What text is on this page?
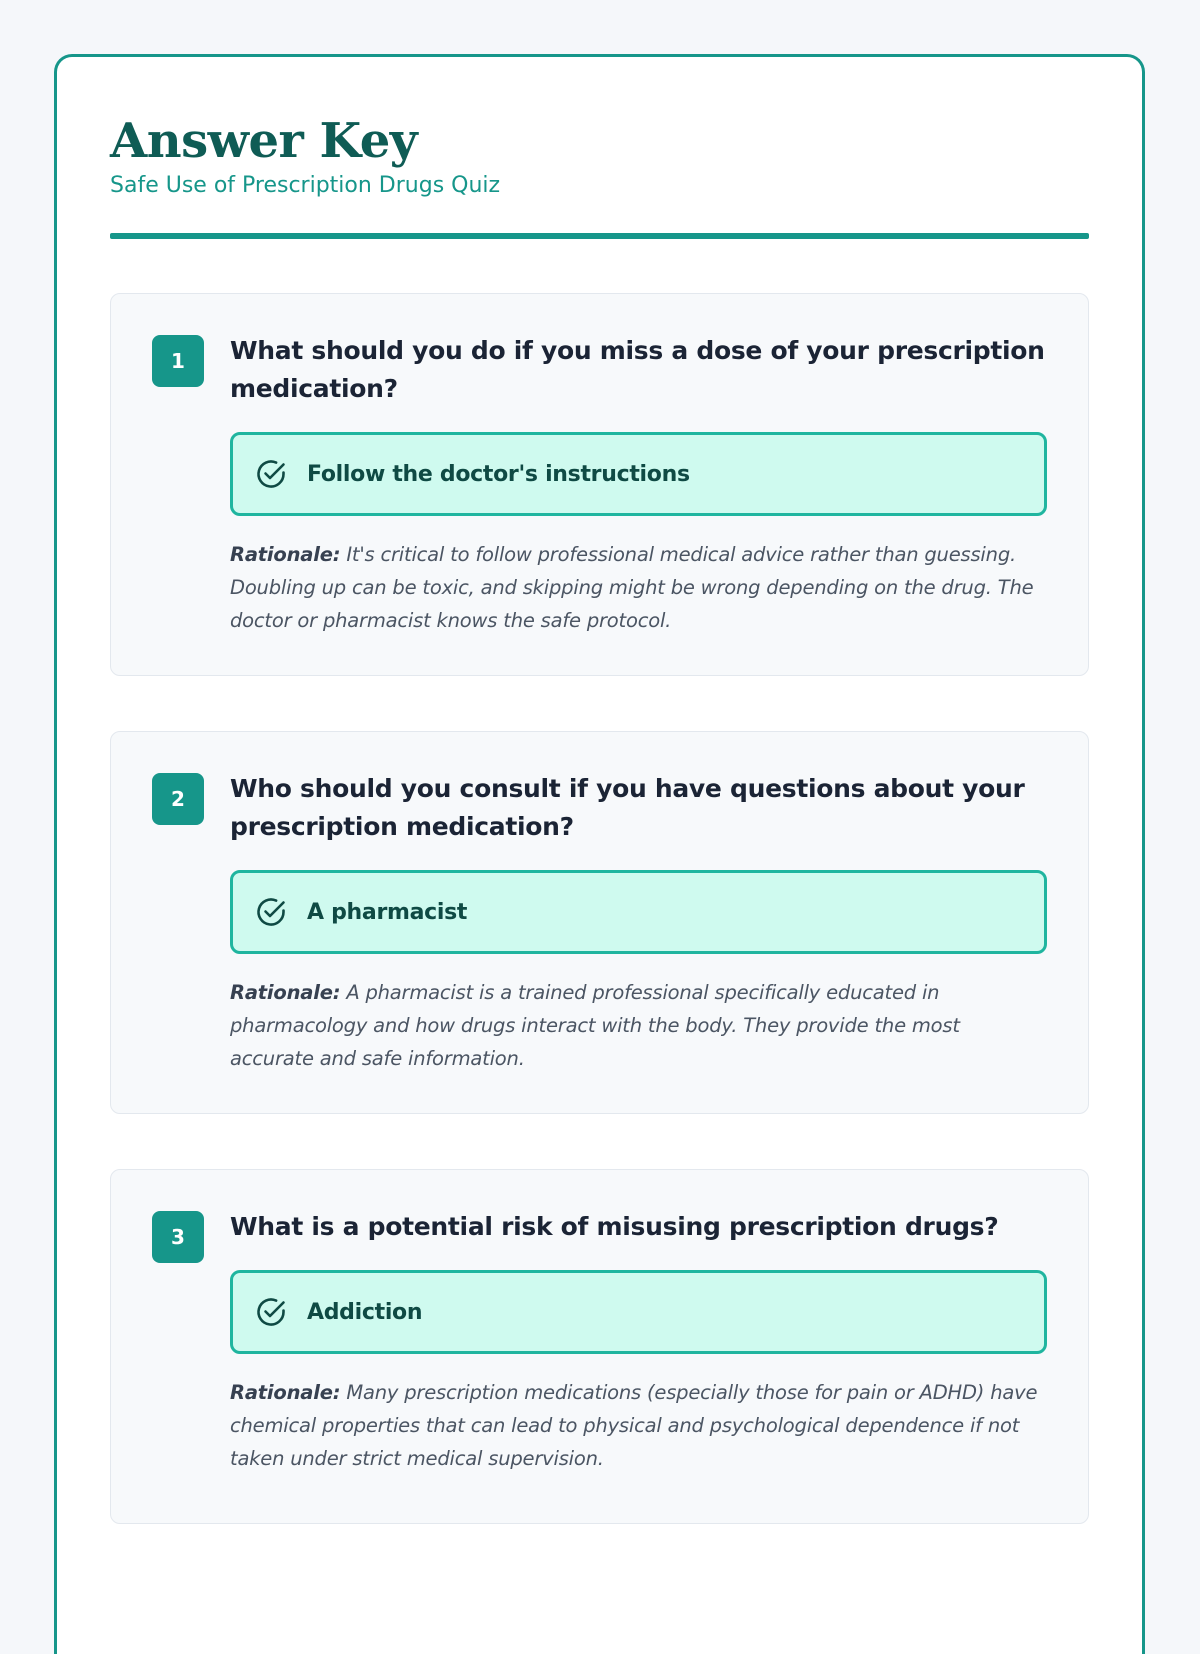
Answer Key
Safe Use of Prescription Drugs Quiz
1	What should you do if you miss a dose of your prescription medication?
Follow the doctor's instructions
Rationale: It's critical to follow professional medical advice rather than guessing. Doubling up can be toxic, and skipping might be wrong depending on the drug. The doctor or pharmacist knows the safe protocol.
2	Who should you consult if you have questions about your prescription medication?
A pharmacist
Rationale: A pharmacist is a trained professional specifically educated in pharmacology and how drugs interact with the body. They provide the most accurate and safe information.
3	What is a potential risk of misusing prescription drugs?
Addiction
Rationale: Many prescription medications (especially those for pain or ADHD) have chemical properties that can lead to physical and psychological dependence if not taken under strict medical supervision.
